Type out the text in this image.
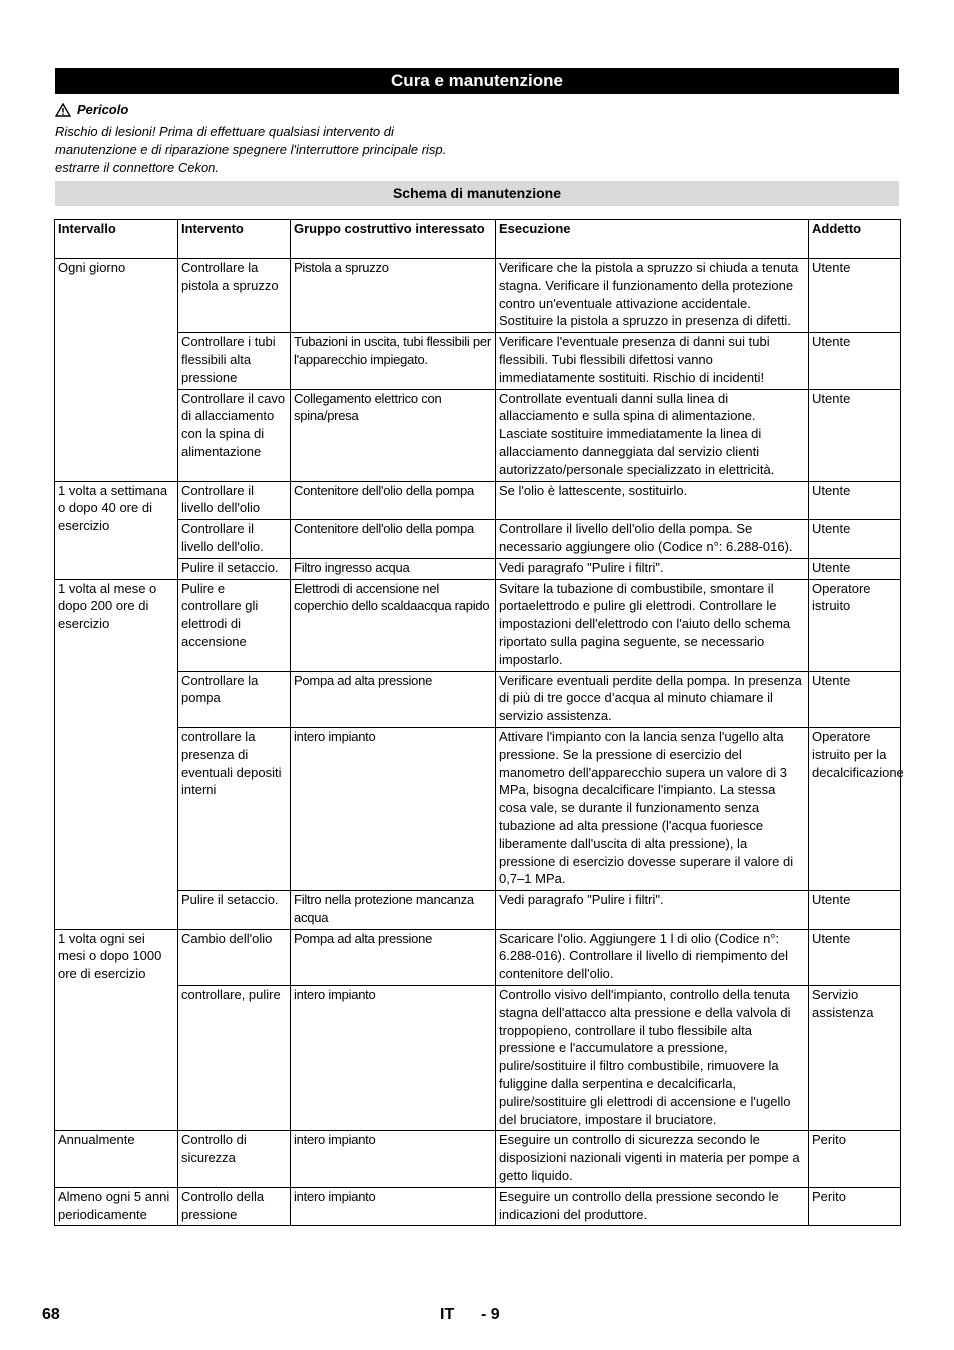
Cura e manutenzione
Pericolo
Rischio di lesioni! Prima di effettuare qualsiasi intervento di manutenzione e di riparazione spegnere l'interruttore principale risp. estrarre il connettore Cekon.
Schema di manutenzione
Intervallo	Intervento	Gruppo costruttivo interessato	Esecuzione	Addetto
Ogni giorno	Controllare la pistola a spruzzo	Pistola a spruzzo	Verificare che la pistola a spruzzo si chiuda a tenuta stagna. Verificare il funzionamento della protezione contro un'eventuale attivazione accidentale. Sostituire la pistola a spruzzo in presenza di difetti.	Utente
	Controllare i tubi flessibili alta pressione	Tubazioni in uscita, tubi flessibili per l'apparecchio impiegato.	Verificare l'eventuale presenza di danni sui tubi flessibili. Tubi flessibili difettosi vanno immediatamente sostituiti. Rischio di incidenti!	Utente
	Controllare il cavo di allacciamento con la spina di alimentazione	Collegamento elettrico con spina/presa	Controllate eventuali danni sulla linea di allacciamento e sulla spina di alimentazione. Lasciate sostituire immediatamente la linea di allacciamento danneggiata dal servizio clienti autorizzato/personale specializzato in elettricità.	Utente
1 volta a settimana o dopo 40 ore di esercizio	Controllare il livello dell'olio	Contenitore dell'olio della pompa	Se l'olio è lattescente, sostituirlo.	Utente
	Controllare il livello dell'olio.	Contenitore dell'olio della pompa	Controllare il livello dell'olio della pompa. Se necessario aggiungere olio (Codice n°: 6.288-016).	Utente
	Pulire il setaccio.	Filtro ingresso acqua	Vedi paragrafo "Pulire i filtri".	Utente
1 volta al mese o dopo 200 ore di esercizio	Pulire e controllare gli elettrodi di accensione	Elettrodi di accensione nel coperchio dello scaldaacqua rapido	Svitare la tubazione di combustibile, smontare il portaelettrodo e pulire gli elettrodi. Controllare le impostazioni dell'elettrodo con l'aiuto dello schema riportato sulla pagina seguente, se necessario impostarlo.	Operatore istruito
	Controllare la pompa	Pompa ad alta pressione	Verificare eventuali perdite della pompa. In presenza di più di tre gocce d’acqua al minuto chiamare il servizio assistenza.	Utente
	controllare la presenza di eventuali depositi interni	intero impianto	Attivare l'impianto con la lancia senza l'ugello alta pressione. Se la pressione di esercizio del manometro dell'apparecchio supera un valore di 3 MPa, bisogna decalcificare l'impianto. La stessa cosa vale, se durante il funzionamento senza tubazione ad alta pressione (l'acqua fuoriesce liberamente dall'uscita di alta pressione), la pressione di esercizio dovesse superare il valore di 0,7–1 MPa.	Operatore istruito per la decalcificazione
	Pulire il setaccio.	Filtro nella protezione mancanza acqua	Vedi paragrafo "Pulire i filtri".	Utente
1 volta ogni sei mesi o dopo 1000 ore di esercizio	Cambio dell'olio	Pompa ad alta pressione	Scaricare l'olio. Aggiungere 1 l di olio (Codice n°: 6.288-016). Controllare il livello di riempimento del contenitore dell'olio.	Utente
	controllare, pulire	intero impianto	Controllo visivo dell'impianto, controllo della tenuta stagna dell'attacco alta pressione e della valvola di troppopieno, controllare il tubo flessibile alta pressione e l'accumulatore a pressione, pulire/sostituire il filtro combustibile, rimuovere la fuliggine dalla serpentina e decalcificarla, pulire/sostituire gli elettrodi di accensione e l'ugello del bruciatore, impostare il bruciatore.	Servizio assistenza
Annualmente	Controllo di sicurezza	intero impianto	Eseguire un controllo di sicurezza secondo le disposizioni nazionali vigenti in materia per pompe a getto liquido.	Perito
Almeno ogni 5 anni periodicamente	Controllo della pressione	intero impianto	Eseguire un controllo della pressione secondo le indicazioni del produttore.	Perito
68	IT - 9
